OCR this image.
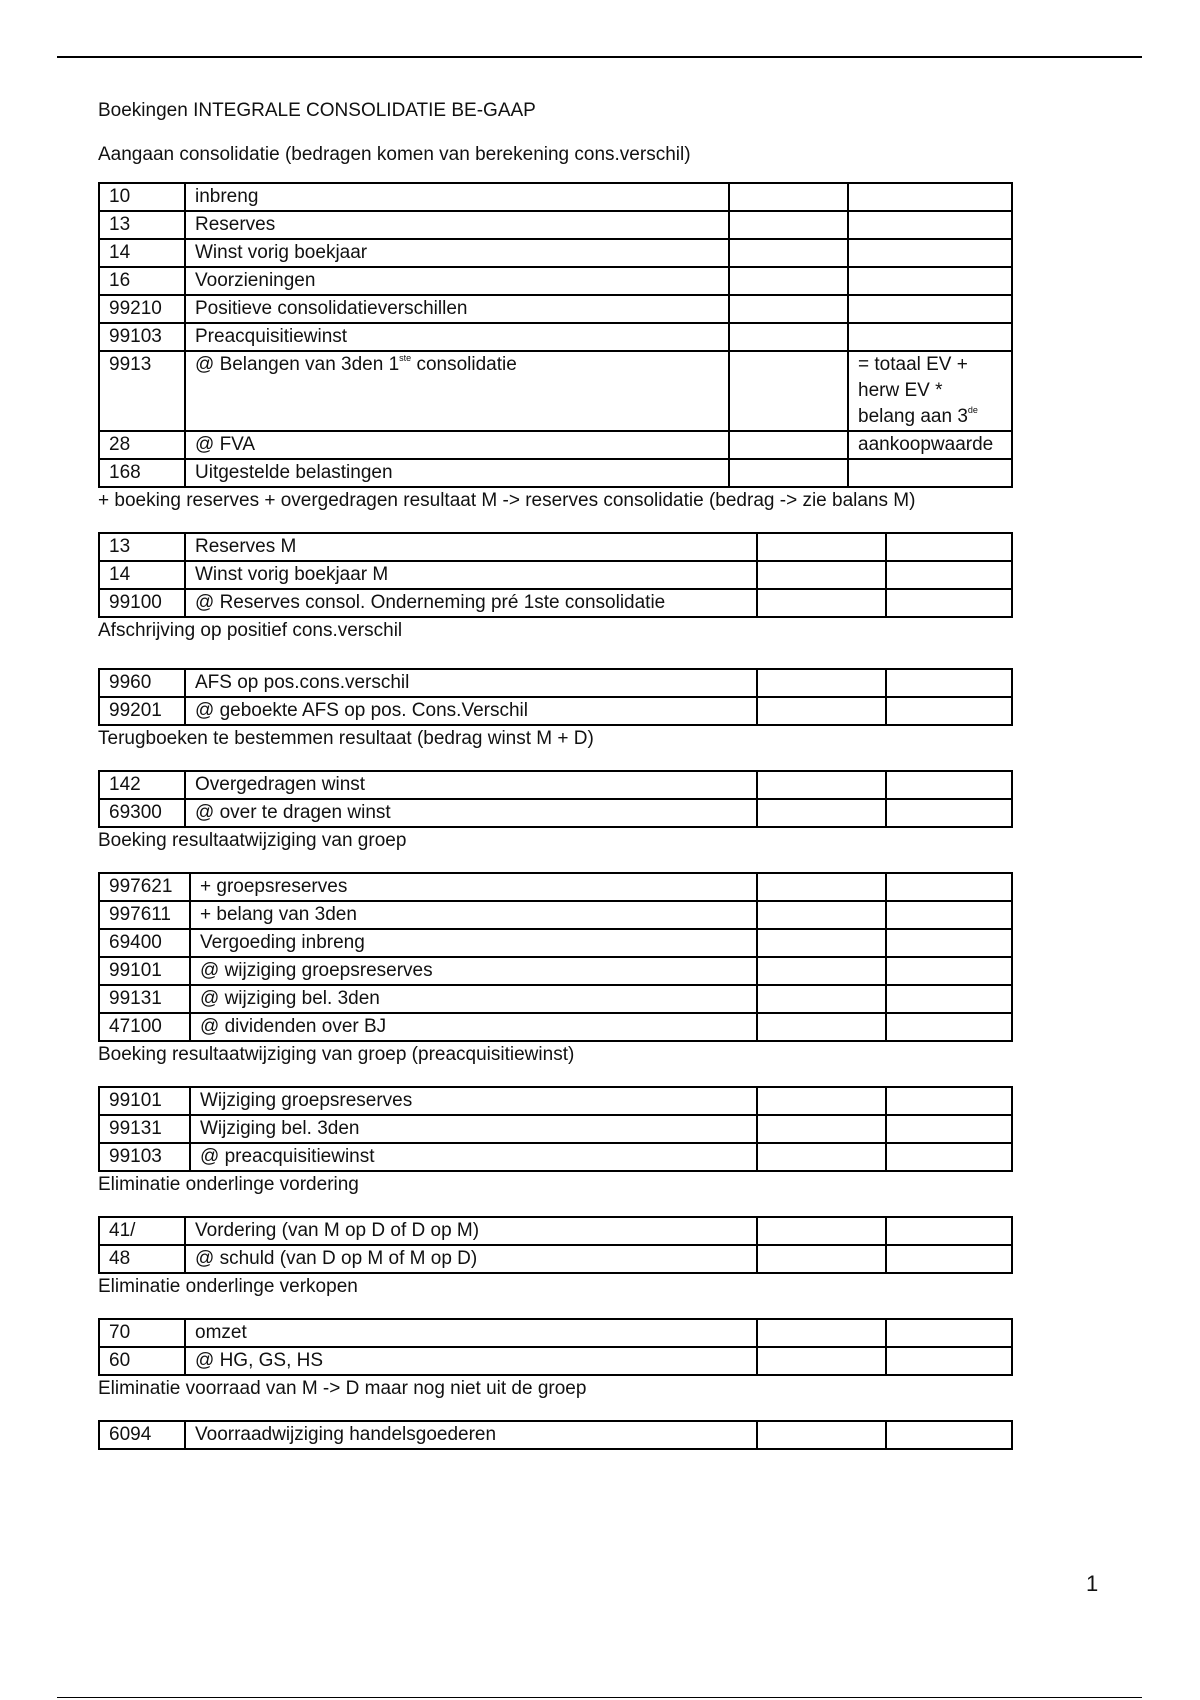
Boekingen INTEGRALE CONSOLIDATIE BE-GAAP
Aangaan consolidatie (bedragen komen van berekening cons.verschil)
10	inbreng		
13	Reserves		
14	Winst vorig boekjaar		
16	Voorzieningen		
99210	Positieve consolidatieverschillen		
99103	Preacquisitiewinst		
9913	@ Belangen van 3den 1ste consolidatie		= totaal EV + herw EV * belang aan 3de
28	@ FVA		aankoopwaarde
168	Uitgestelde belastingen		
+ boeking reserves + overgedragen resultaat M -> reserves consolidatie (bedrag -> zie balans M)
13	Reserves M		
14	Winst vorig boekjaar M		
99100	@ Reserves consol. Onderneming pré 1ste consolidatie		
Afschrijving op positief cons.verschil
9960	AFS op pos.cons.verschil		
99201	@ geboekte AFS op pos. Cons.Verschil		
Terugboeken te bestemmen resultaat (bedrag winst M + D)
142	Overgedragen winst		
69300	@ over te dragen winst		
Boeking resultaatwijziging van groep
997621	+ groepsreserves		
997611	+ belang van 3den		
69400	Vergoeding inbreng		
99101	@ wijziging groepsreserves		
99131	@ wijziging bel. 3den		
47100	@ dividenden over BJ		
Boeking resultaatwijziging van groep (preacquisitiewinst)
99101	Wijziging groepsreserves		
99131	Wijziging bel. 3den		
99103	@ preacquisitiewinst		
Eliminatie onderlinge vordering
41/	Vordering (van M op D of D op M)		
48	@ schuld (van D op M of M op D)		
Eliminatie onderlinge verkopen
70	omzet		
60	@ HG, GS, HS		
Eliminatie voorraad van M -> D maar nog niet uit de groep
6094	Voorraadwijziging handelsgoederen		
1
